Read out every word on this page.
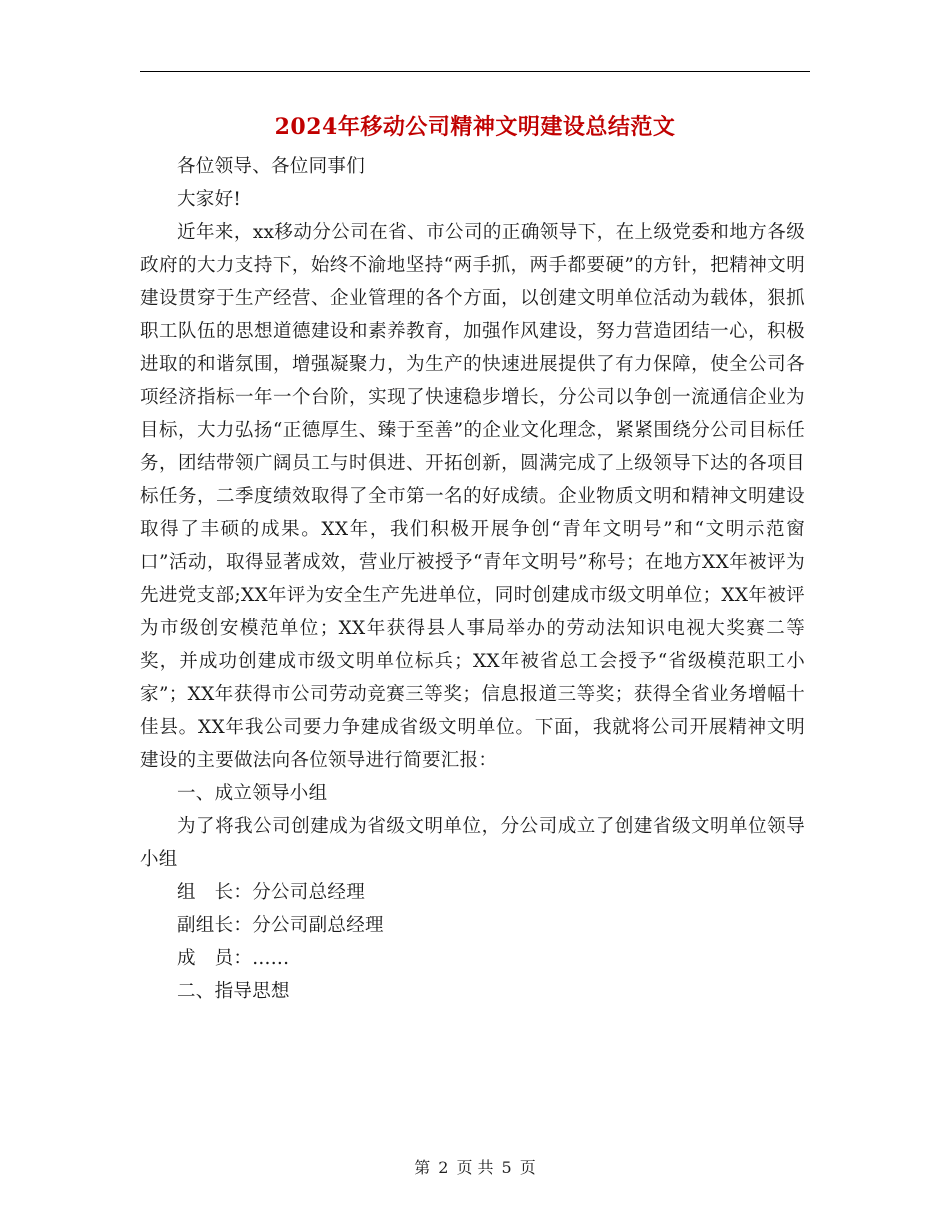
2024年移动公司精神文明建设总结范文

各位领导、各位同事们

大家好!

近年来，xx移动分公司在省、市公司的正确领导下，在上级党委和地方各级政府的大力支持下，始终不渝地坚持“两手抓，两手都要硬”的方针，把精神文明建设贯穿于生产经营、企业管理的各个方面，以创建文明单位活动为载体，狠抓职工队伍的思想道德建设和素养教育，加强作风建设，努力营造团结一心，积极进取的和谐氛围，增强凝聚力，为生产的快速进展提供了有力保障，使全公司各项经济指标一年一个台阶，实现了快速稳步增长，分公司以争创一流通信企业为目标，大力弘扬“正德厚生、臻于至善”的企业文化理念，紧紧围绕分公司目标任务，团结带领广阔员工与时俱进、开拓创新，圆满完成了上级领导下达的各项目标任务，二季度绩效取得了全市第一名的好成绩。企业物质文明和精神文明建设取得了丰硕的成果。XX年，我们积极开展争创“青年文明号”和“文明示范窗口”活动，取得显著成效，营业厅被授予“青年文明号”称号；在地方XX年被评为先进党支部;XX年评为安全生产先进单位，同时创建成市级文明单位；XX年被评为市级创安模范单位；XX年获得县人事局举办的劳动法知识电视大奖赛二等奖，并成功创建成市级文明单位标兵；XX年被省总工会授予“省级模范职工小家”；XX年获得市公司劳动竞赛三等奖；信息报道三等奖；获得全省业务增幅十佳县。XX年我公司要力争建成省级文明单位。下面，我就将公司开展精神文明建设的主要做法向各位领导进行简要汇报：

一、成立领导小组

为了将我公司创建成为省级文明单位，分公司成立了创建省级文明单位领导小组

组　长：分公司总经理

副组长：分公司副总经理

成　员：......

二、指导思想

第 2 页 共 5 页
